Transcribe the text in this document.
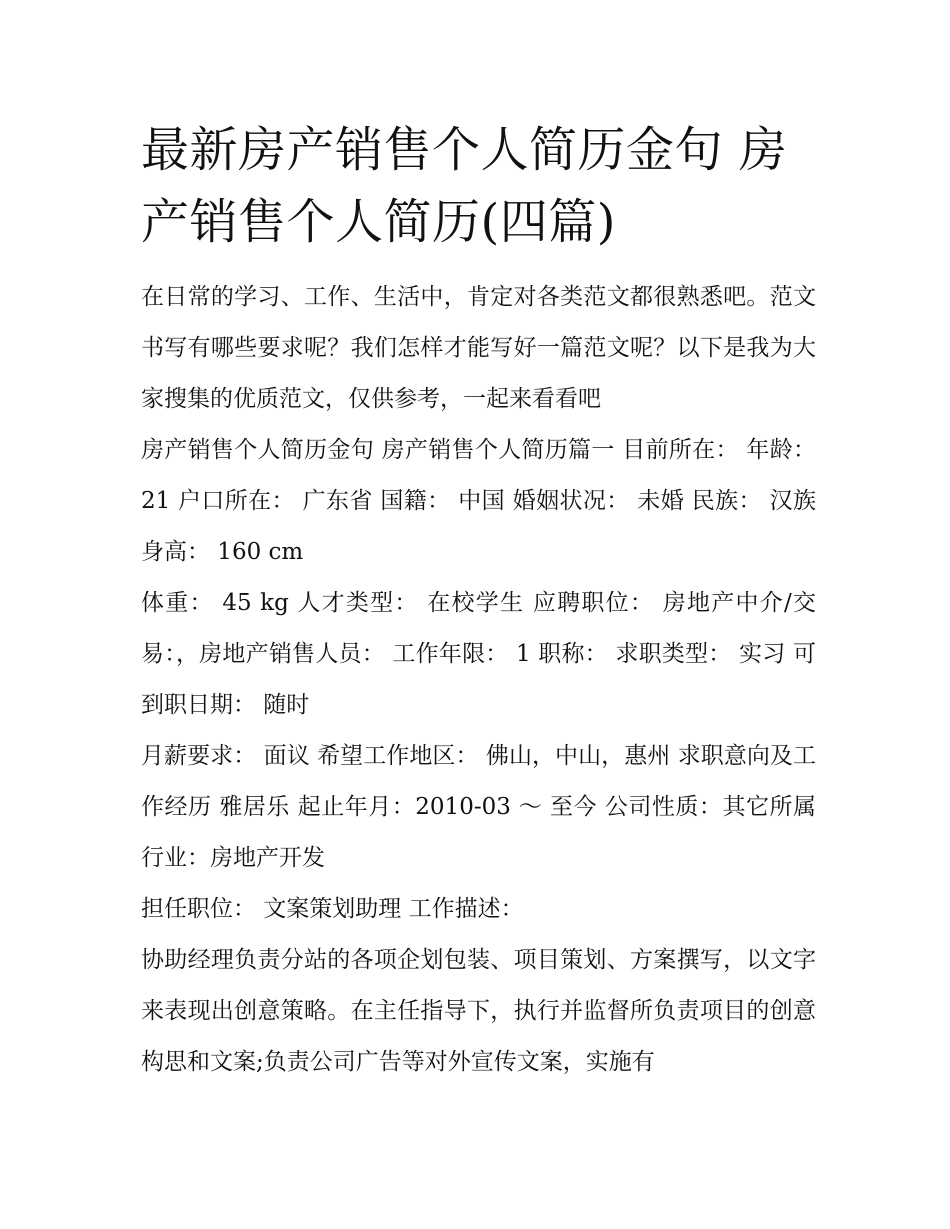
最新房产销售个人简历金句 房产销售个人简历(四篇)

在日常的学习、工作、生活中，肯定对各类范文都很熟悉吧。范文书写有哪些要求呢？我们怎样才能写好一篇范文呢？以下是我为大家搜集的优质范文，仅供参考，一起来看看吧

房产销售个人简历金句 房产销售个人简历篇一 目前所在： 年龄： 21 户口所在： 广东省 国籍： 中国 婚姻状况： 未婚 民族： 汉族 身高： 160 cm

体重： 45 kg 人才类型： 在校学生 应聘职位： 房地产中介/交易：，房地产销售人员： 工作年限： 1 职称： 求职类型： 实习 可到职日期： 随时

月薪要求： 面议 希望工作地区： 佛山，中山，惠州 求职意向及工作经历 雅居乐 起止年月：2010-03 ～ 至今 公司性质：其它所属行业：房地产开发

担任职位： 文案策划助理 工作描述：

协助经理负责分站的各项企划包装、项目策划、方案撰写，以文字来表现出创意策略。在主任指导下，执行并监督所负责项目的创意构思和文案;负责公司广告等对外宣传文案，实施有
